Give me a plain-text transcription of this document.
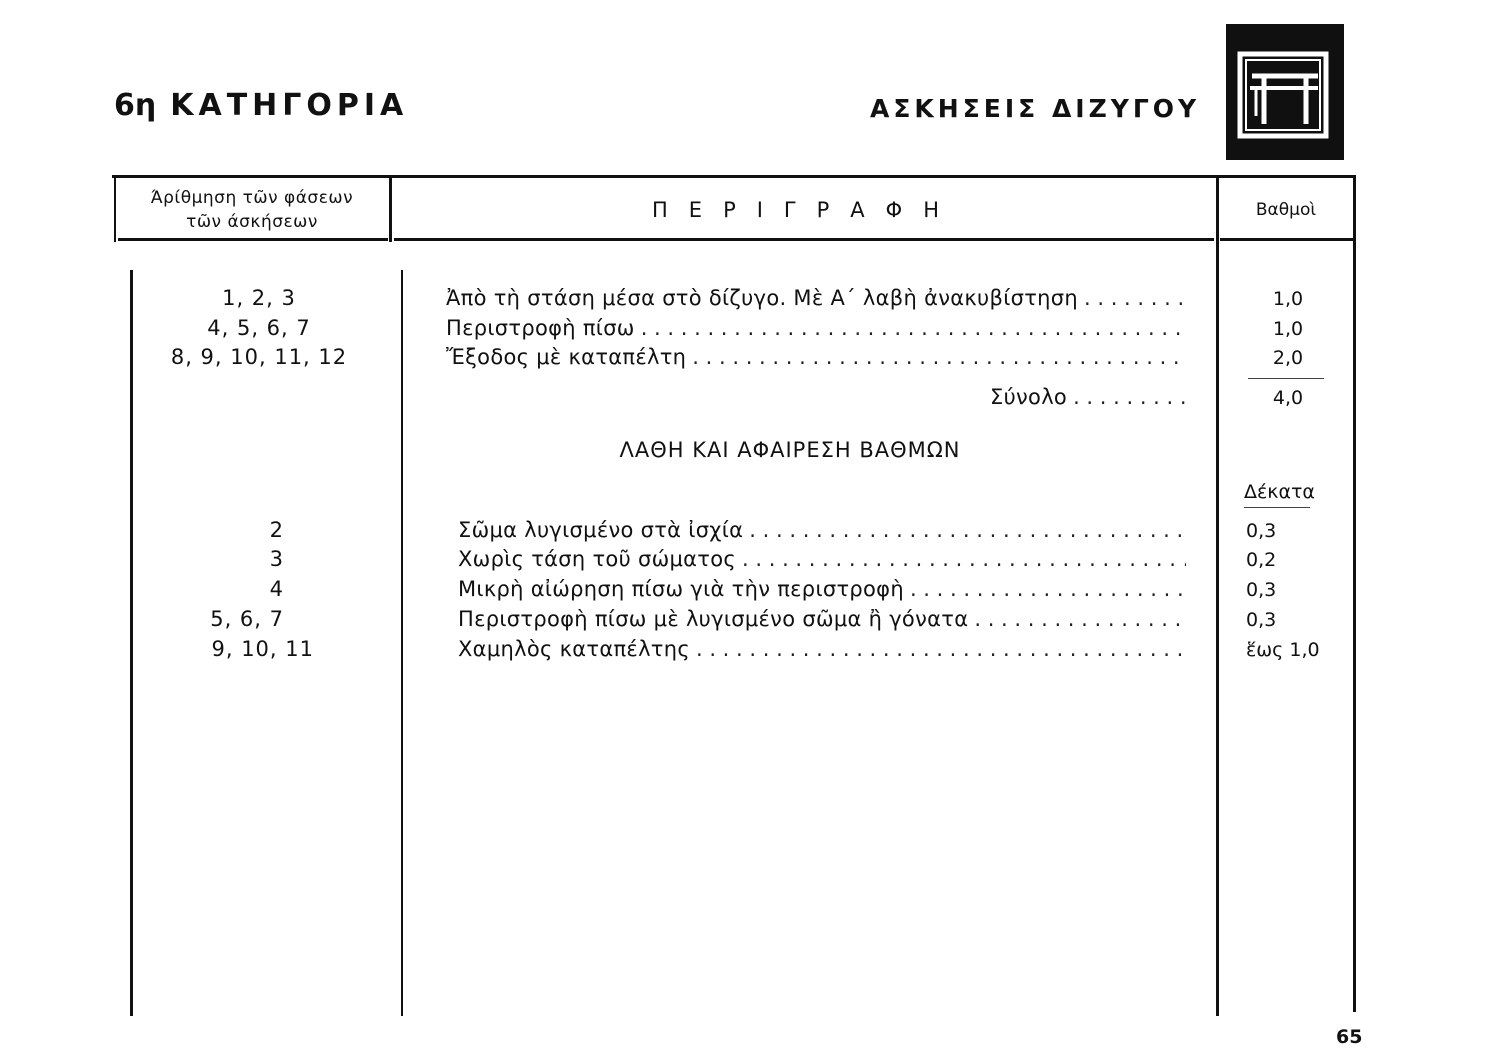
6η ΚΑΤΗΓΟΡΙΑ	ΑΣΚΗΣΕΙΣ ΔΙΖΥΓΟΥ
Άρίθμηση τῶν φάσεων
τῶν άσκήσεων	ΠΕΡΙΓΡΑΦΗ	Βαθμοὶ
1, 2, 3	Ἀπὸ τὴ στάση μέσα στὸ δίζυγο. Μὲ Α΄ λαβὴ ἀνακυβίστηση . . .	1,0
4, 5, 6, 7	Περιστροφὴ πίσω . . .	1,0
8, 9, 10, 11, 12	Ἔξοδος μὲ καταπέλτη . . .	2,0
Σύνολο . . .	4,0
ΛΑΘΗ ΚΑΙ ΑΦΑΙΡΕΣΗ ΒΑΘΜΩΝ
Δέκατα
2	Σῶμα λυγισμένο στὰ ἰσχία . . .	0,3
3	Χωρὶς τάση τοῦ σώματος . . .	0,2
4	Μικρὴ αἰώρηση πίσω γιὰ τὴν περιστροφὴ . . .	0,3
5, 6, 7	Περιστροφὴ πίσω μὲ λυγισμένο σῶμα ἢ γόνατα . . .	0,3
9, 10, 11	Χαμηλὸς καταπέλτης . . .	ἕως 1,0
65
